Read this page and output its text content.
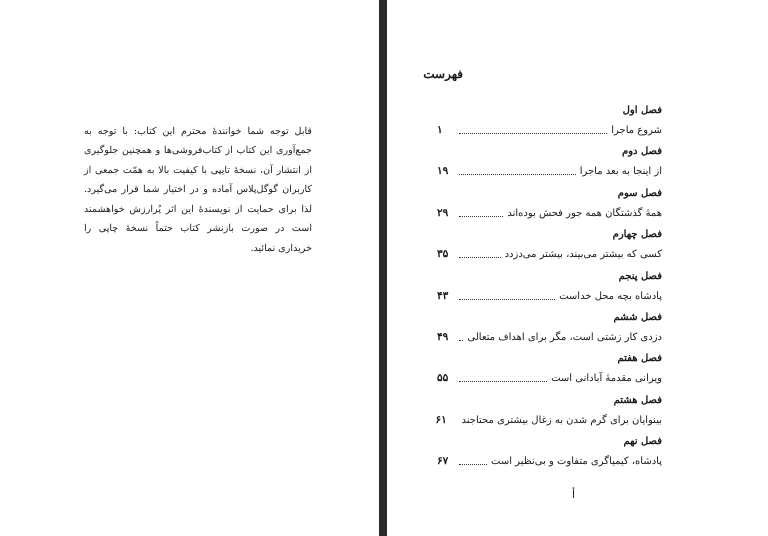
قابل توجه شما خوانندهٔ محترم این کتاب: با توجه به جمع‌آوری این کتاب از کتاب‌فروشی‌ها و همچنین جلوگیری از انتشار آن، نسخهٔ تایپی با کیفیت بالا به همّت جمعی از کاربران گوگل‌پلاس آماده و در اختیار شما قرار می‌گیرد. لذا برای حمایت از نویسندهٔ این اثر پُرارزش خواهشمند است در صورت بازنشر کتاب حتماً نسخهٔ چاپی را خریداری نمائید.

فهرست
فصل اول
شروع ماجرا
۱
فصل دوم
از اینجا به بعد ماجرا
۱۹
فصل سوم
همهٔ گذشتگان همه جور فحش بوده‌اند
۲۹
فصل چهارم
کسی که بیشتر می‌بیند، بیشتر می‌دزدد
۳۵
فصل پنجم
پادشاه بچه محل خداست
۴۳
فصل ششم
دزدی کار زشتی است، مگر برای اهداف متعالی
۴۹
فصل هفتم
ویرانی مقدمهٔ آبادانی است
۵۵
فصل هشتم
بینوایان برای گرم شدن به زغال بیشتری محتاجند
۶۱
فصل نهم
پادشاه، کیمیاگری متفاوت و بی‌نظیر است
۶۷
أ
